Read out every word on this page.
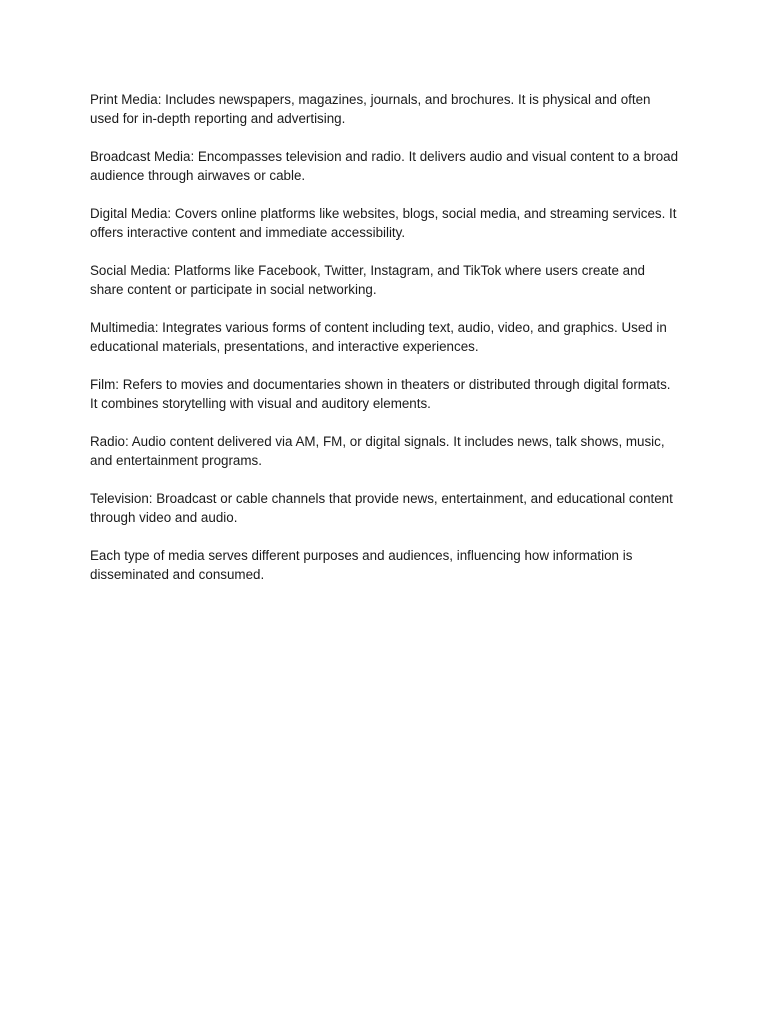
Print Media: Includes newspapers, magazines, journals, and brochures. It is physical and often used for in-depth reporting and advertising.

Broadcast Media: Encompasses television and radio. It delivers audio and visual content to a broad audience through airwaves or cable.

Digital Media: Covers online platforms like websites, blogs, social media, and streaming services. It offers interactive content and immediate accessibility.

Social Media: Platforms like Facebook, Twitter, Instagram, and TikTok where users create and share content or participate in social networking.

Multimedia: Integrates various forms of content including text, audio, video, and graphics. Used in educational materials, presentations, and interactive experiences.

Film: Refers to movies and documentaries shown in theaters or distributed through digital formats. It combines storytelling with visual and auditory elements.

Radio: Audio content delivered via AM, FM, or digital signals. It includes news, talk shows, music, and entertainment programs.

Television: Broadcast or cable channels that provide news, entertainment, and educational content through video and audio.

Each type of media serves different purposes and audiences, influencing how information is disseminated and consumed.
